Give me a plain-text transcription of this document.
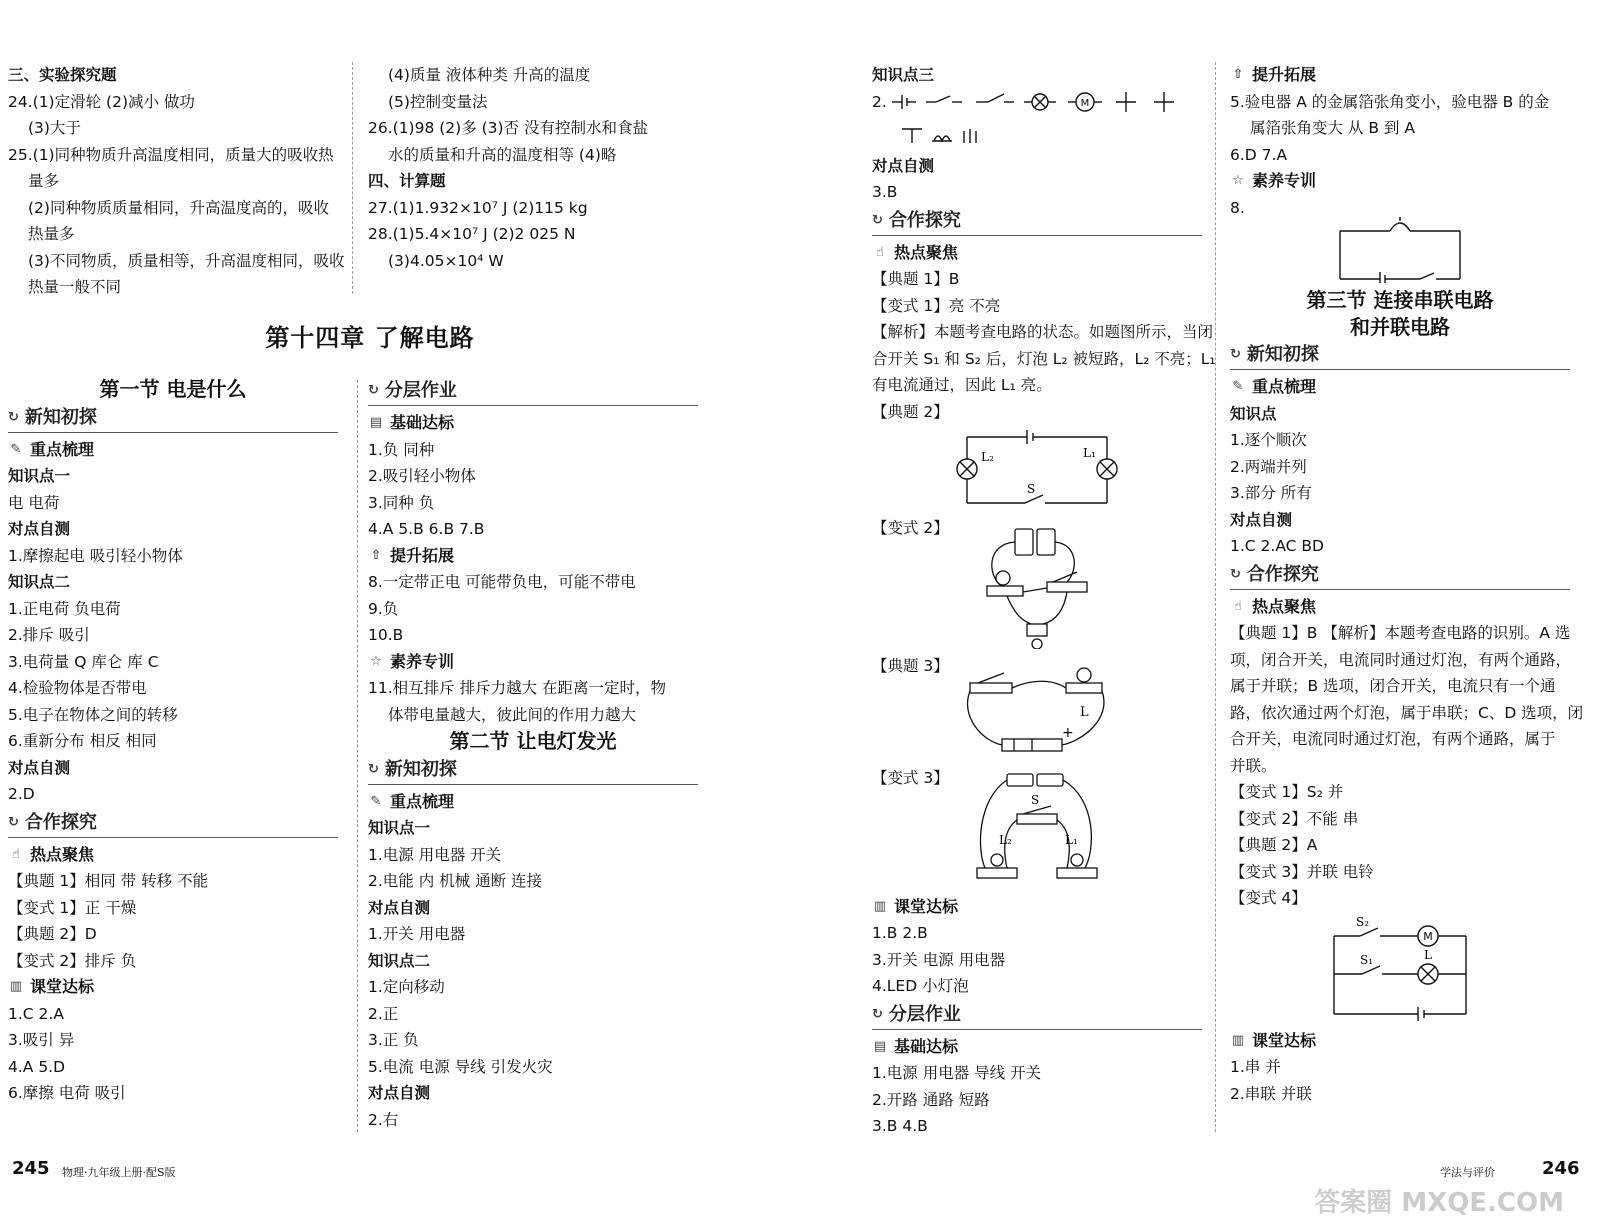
三、实验探究题
24.(1)定滑轮 (2)减小 做功
(3)大于
25.(1)同种物质升高温度相同，质量大的吸收热
量多
(2)同种物质质量相同，升高温度高的，吸收
热量多
(3)不同物质，质量相等，升高温度相同，吸收
热量一般不同
(4)质量 液体种类 升高的温度
(5)控制变量法
26.(1)98 (2)多 (3)否 没有控制水和食盐
水的质量和升高的温度相等 (4)略
四、计算题
27.(1)1.932×10⁷ J (2)115 kg
28.(1)5.4×10⁷ J (2)2 025 N
(3)4.05×10⁴ W
第十四章 了解电路
第一节 电是什么
↻ 新知初探
✎ 重点梳理
知识点一
电 电荷
对点自测
1.摩擦起电 吸引轻小物体
知识点二
1.正电荷 负电荷
2.排斥 吸引
3.电荷量 Q 库仑 库 C
4.检验物体是否带电
5.电子在物体之间的转移
6.重新分布 相反 相同
对点自测
2.D
↻ 合作探究
☝ 热点聚焦
【典题 1】相同 带 转移 不能
【变式 1】正 干燥
【典题 2】D
【变式 2】排斥 负
▥ 课堂达标
1.C 2.A
3.吸引 异
4.A 5.D
6.摩擦 电荷 吸引
↻ 分层作业
▤ 基础达标
1.负 同种
2.吸引轻小物体
3.同种 负
4.A 5.B 6.B 7.B
⇧ 提升拓展
8.一定带正电 可能带负电，可能不带电
9.负
10.B
☆ 素养专训
11.相互排斥 排斥力越大 在距离一定时，物
体带电量越大，彼此间的作用力越大
第二节 让电灯发光
↻ 新知初探
✎ 重点梳理
知识点一
1.电源 用电器 开关
2.电能 内 机械 通断 连接
对点自测
1.开关 用电器
知识点二
1.定向移动
2.正
3.正 负
5.电流 电源 导线 引发火灾
对点自测
2.右
245 物理·九年级上册·配S版
知识点三
2.	M
对点自测
3.B
↻ 合作探究
☝ 热点聚焦
【典题 1】B
【变式 1】亮 不亮
【解析】本题考查电路的状态。如题图所示，当闭
合开关 S₁ 和 S₂ 后，灯泡 L₂ 被短路，L₂ 不亮；L₁
有电流通过，因此 L₁ 亮。
【典题 2】
L₂	L₁
S
【变式 2】
【典题 3】
L
+
【变式 3】
S
L₂	L₁
▥ 课堂达标
1.B 2.B
3.开关 电源 用电器
4.LED 小灯泡
↻ 分层作业
▤ 基础达标
1.电源 用电器 导线 开关
2.开路 通路 短路
3.B 4.B
⇧ 提升拓展
5.验电器 A 的金属箔张角变小，验电器 B 的金
属箔张角变大 从 B 到 A
6.D 7.A
☆ 素养专训
8.
第三节 连接串联电路
和并联电路
↻ 新知初探
✎ 重点梳理
知识点
1.逐个顺次
2.两端并列
3.部分 所有
对点自测
1.C 2.AC BD
↻ 合作探究
☝ 热点聚焦
【典题 1】B 【解析】本题考查电路的识别。A 选
项，闭合开关，电流同时通过灯泡，有两个通路，
属于并联；B 选项，闭合开关，电流只有一个通
路，依次通过两个灯泡，属于串联；C、D 选项，闭
合开关，电流同时通过灯泡，有两个通路，属于
并联。
【变式 1】S₂ 并
【变式 2】不能 串
【典题 2】A
【变式 3】并联 电铃
【变式 4】
S₂
S₁
M
L
▥ 课堂达标
1.串 并
2.串联 并联
学法与评价	246
答案圈 MXQE.COM
